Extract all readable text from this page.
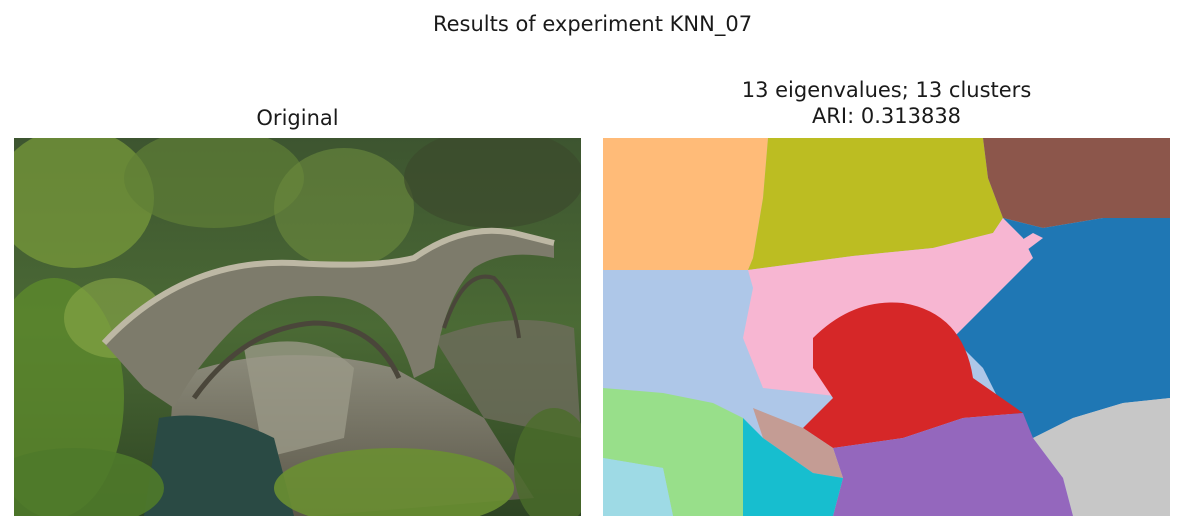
Results of experiment KNN_07
Original
13 eigenvalues; 13 clusters
ARI: 0.313838
